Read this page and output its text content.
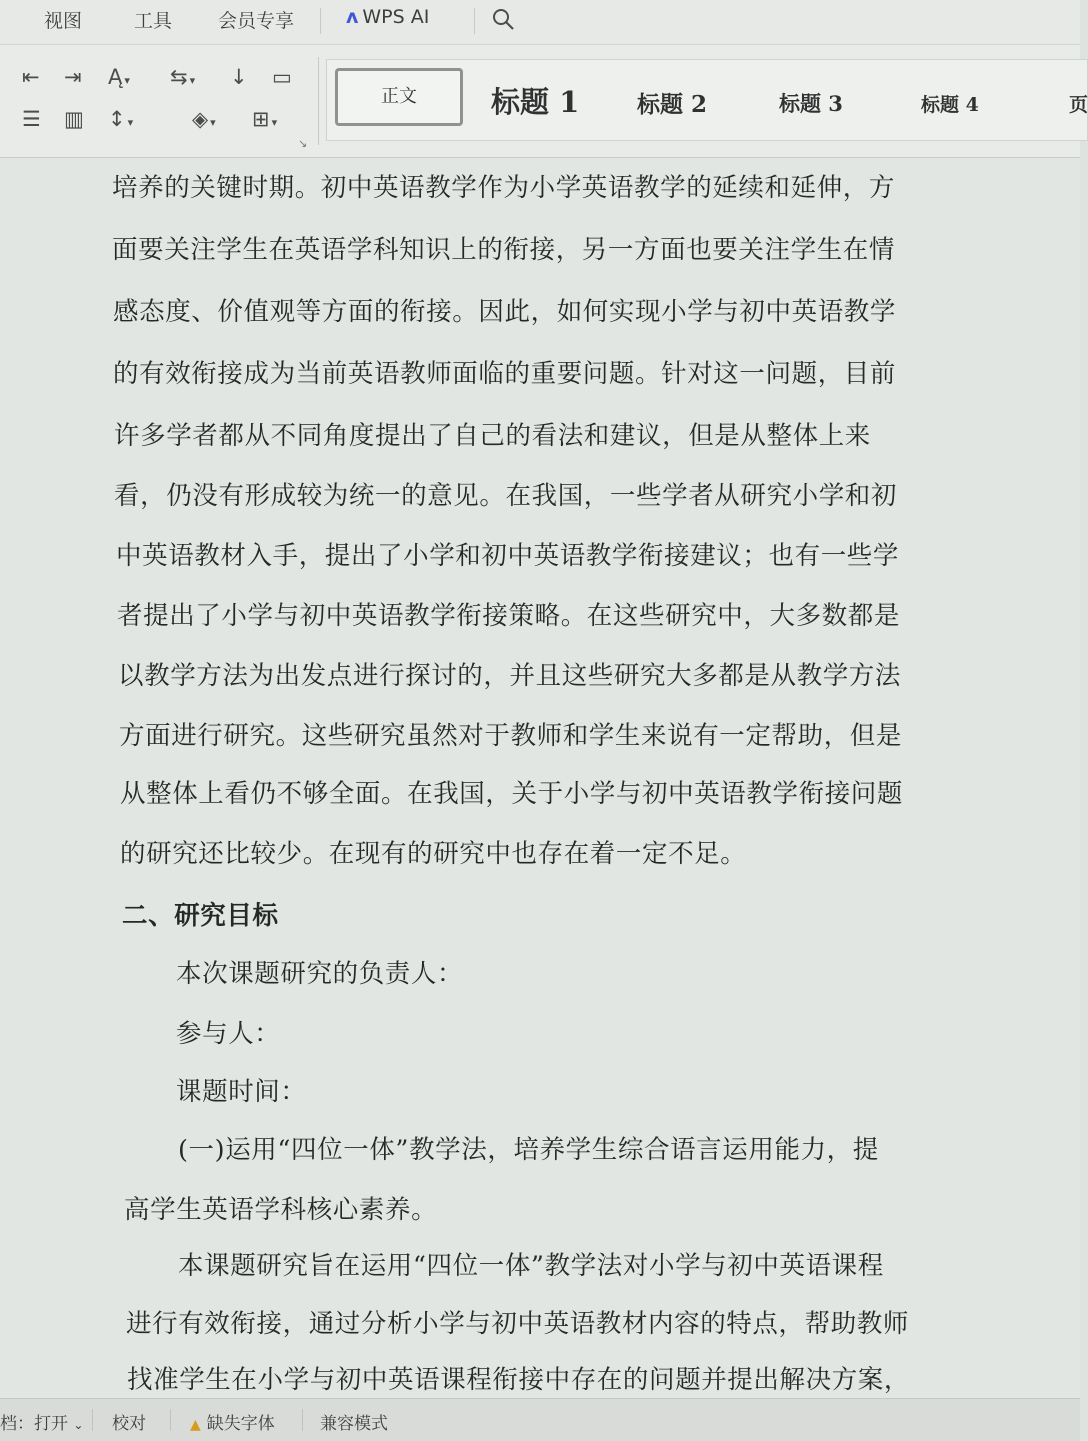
视图	工具 会员专享	ʌ WPS AI
⇤ ⇥ Ą ▾ ⇆ ▾ ↓ ▭
☰ ▥ ↕ ▾	◈ ▾ ⊞ ▾
↘
正文	标题 1	标题 2	标题 3	标题 4	页

培养的关键时期。初中英语教学作为小学英语教学的延续和延伸，方

面要关注学生在英语学科知识上的衔接，另一方面也要关注学生在情

感态度、价值观等方面的衔接。因此，如何实现小学与初中英语教学

的有效衔接成为当前英语教师面临的重要问题。针对这一问题，目前

许多学者都从不同角度提出了自己的看法和建议，但是从整体上来

看，仍没有形成较为统一的意见。在我国，一些学者从研究小学和初

中英语教材入手，提出了小学和初中英语教学衔接建议；也有一些学

者提出了小学与初中英语教学衔接策略。在这些研究中，大多数都是

以教学方法为出发点进行探讨的，并且这些研究大多都是从教学方法

方面进行研究。这些研究虽然对于教师和学生来说有一定帮助，但是

从整体上看仍不够全面。在我国，关于小学与初中英语教学衔接问题

的研究还比较少。在现有的研究中也存在着一定不足。

二、研究目标

本次课题研究的负责人：

参与人：

课题时间：

(一)运用“四位一体”教学法，培养学生综合语言运用能力，提

高学生英语学科核心素养。

本课题研究旨在运用“四位一体”教学法对小学与初中英语课程

进行有效衔接，通过分析小学与初中英语教材内容的特点，帮助教师

找准学生在小学与初中英语课程衔接中存在的问题并提出解决方案，

档：打开 ⌄ 校对	▲ 缺失字体	兼容模式
